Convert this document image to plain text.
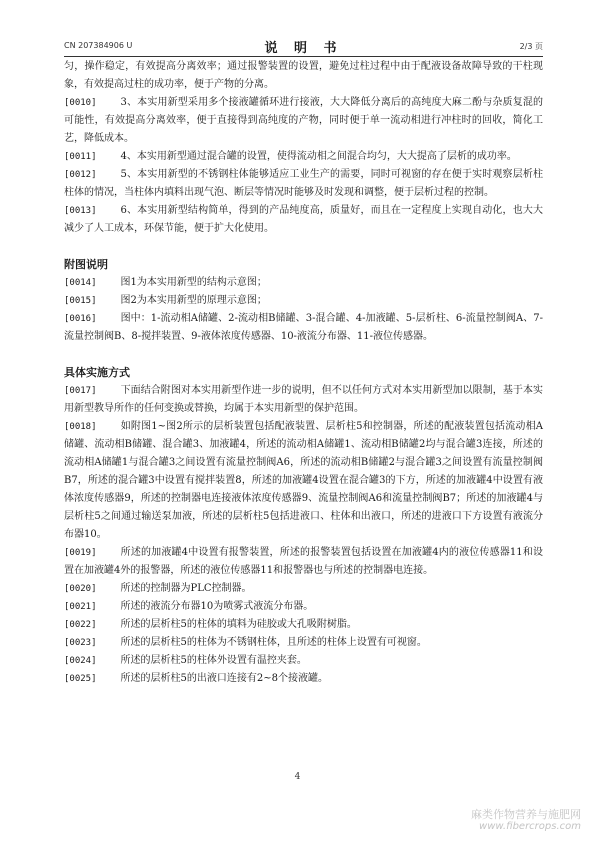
CN 207384906 U	说 明 书	2/3 页
匀，操作稳定，有效提高分离效率；通过报警装置的设置，避免过柱过程中由于配液设备故障导致的干柱现象，有效提高过柱的成功率，便于产物的分离。
[0010] 3、本实用新型采用多个接液罐循环进行接液，大大降低分离后的高纯度大麻二酚与杂质复混的可能性，有效提高分离效率，便于直接得到高纯度的产物，同时便于单一流动相进行冲柱时的回收，简化工艺，降低成本。
[0011] 4、本实用新型通过混合罐的设置，使得流动相之间混合均匀，大大提高了层析的成功率。
[0012] 5、本实用新型的不锈钢柱体能够适应工业生产的需要，同时可视窗的存在便于实时观察层析柱柱体的情况，当柱体内填料出现气泡、断层等情况时能够及时发现和调整，便于层析过程的控制。
[0013] 6、本实用新型结构简单，得到的产品纯度高，质量好，而且在一定程度上实现自动化，也大大减少了人工成本，环保节能，便于扩大化使用。
附图说明
[0014] 图1为本实用新型的结构示意图；
[0015] 图2为本实用新型的原理示意图；
[0016] 图中：1-流动相A储罐、2-流动相B储罐、3-混合罐、4-加液罐、5-层析柱、6-流量控制阀A、7-流量控制阀B、8-搅拌装置、9-液体浓度传感器、10-液流分布器、11-液位传感器。
具体实施方式
[0017] 下面结合附图对本实用新型作进一步的说明，但不以任何方式对本实用新型加以限制，基于本实用新型教导所作的任何变换或替换，均属于本实用新型的保护范围。
[0018] 如附图1~图2所示的层析装置包括配液装置、层析柱5和控制器，所述的配液装置包括流动相A储罐、流动相B储罐、混合罐3、加液罐4，所述的流动相A储罐1、流动相B储罐2均与混合罐3连接，所述的流动相A储罐1与混合罐3之间设置有流量控制阀A6，所述的流动相B储罐2与混合罐3之间设置有流量控制阀B7，所述的混合罐3中设置有搅拌装置8，所述的加液罐4设置在混合罐3的下方，所述的加液罐4中设置有液体浓度传感器9，所述的控制器电连接液体浓度传感器9、流量控制阀A6和流量控制阀B7；所述的加液罐4与层析柱5之间通过输送泵加液，所述的层析柱5包括进液口、柱体和出液口，所述的进液口下方设置有液流分布器10。
[0019] 所述的加液罐4中设置有报警装置，所述的报警装置包括设置在加液罐4内的液位传感器11和设置在加液罐4外的报警器，所述的液位传感器11和报警器也与所述的控制器电连接。
[0020] 所述的控制器为PLC控制器。
[0021] 所述的液流分布器10为喷雾式液流分布器。
[0022] 所述的层析柱5的柱体的填料为硅胶或大孔吸附树脂。
[0023] 所述的层析柱5的柱体为不锈钢柱体，且所述的柱体上设置有可视窗。
[0024] 所述的层析柱5的柱体外设置有温控夹套。
[0025] 所述的层析柱5的出液口连接有2~8个接液罐。
4
麻类作物营养与施肥网
www.fibercrops.com
